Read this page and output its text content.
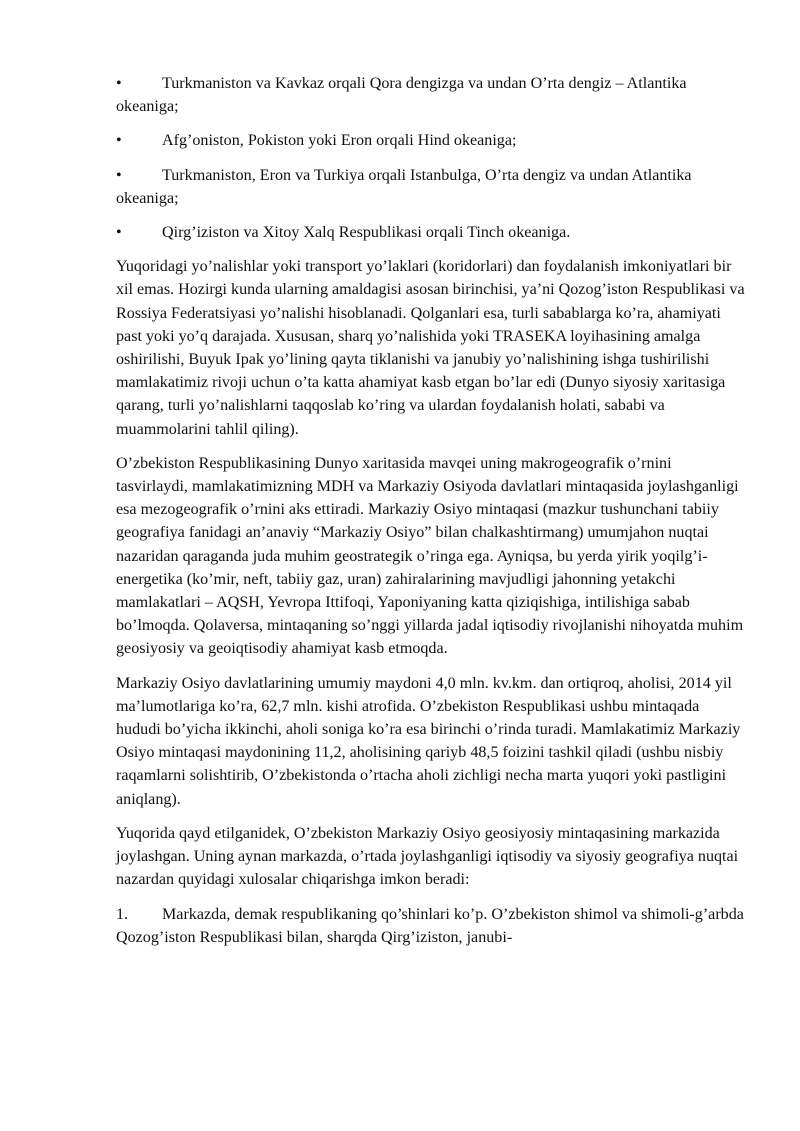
•	Turkmaniston va Kavkaz orqali Qora dengizga va undan O’rta dengiz – Atlantika okeaniga;
•	Afg’oniston, Pokiston yoki Eron orqali Hind okeaniga;
•	Turkmaniston, Eron va Turkiya orqali Istanbulga, O’rta dengiz va undan Atlantika okeaniga;
•	Qirg’iziston va Xitoy Xalq Respublikasi orqali Tinch okeaniga.

Yuqoridagi yo’nalishlar yoki transport yo’laklari (koridorlari) dan foydalanish imkoniyatlari bir xil emas. Hozirgi kunda ularning amaldagisi asosan birinchisi, ya’ni Qozog’iston Respublikasi va Rossiya Federatsiyasi yo’nalishi hisoblanadi. Qolganlari esa, turli sabablarga ko’ra, ahamiyati past yoki yo’q darajada. Xususan, sharq yo’nalishida yoki TRASEKA loyihasining amalga oshirilishi, Buyuk Ipak yo’lining qayta tiklanishi va janubiy yo’nalishining ishga tushirilishi mamlakatimiz rivoji uchun o’ta katta ahamiyat kasb etgan bo’lar edi (Dunyo siyosiy xaritasiga qarang, turli yo’nalishlarni taqqoslab ko’ring va ulardan foydalanish holati, sababi va muammolarini tahlil qiling).

O’zbekiston Respublikasining Dunyo xaritasida mavqei uning makrogeografik o’rnini tasvirlaydi, mamlakatimizning MDH va Markaziy Osiyoda davlatlari mintaqasida joylashganligi esa mezogeografik o’rnini aks ettiradi. Markaziy Osiyo mintaqasi (mazkur tushunchani tabiiy geografiya fanidagi an’anaviy “Markaziy Osiyo” bilan chalkashtirmang) umumjahon nuqtai nazaridan qaraganda juda muhim geostrategik o’ringa ega. Ayniqsa, bu yerda yirik yoqilg’i-energetika (ko’mir, neft, tabiiy gaz, uran) zahiralarining mavjudligi jahonning yetakchi mamlakatlari – AQSH, Yevropa Ittifoqi, Yaponiyaning katta qiziqishiga, intilishiga sabab bo’lmoqda. Qolaversa, mintaqaning so’nggi yillarda jadal iqtisodiy rivojlanishi nihoyatda muhim geosiyosiy va geoiqtisodiy ahamiyat kasb etmoqda.

Markaziy Osiyo davlatlarining umumiy maydoni 4,0 mln. kv.km. dan ortiqroq, aholisi, 2014 yil ma’lumotlariga ko’ra, 62,7 mln. kishi atrofida. O’zbekiston Respublikasi ushbu mintaqada hududi bo’yicha ikkinchi, aholi soniga ko’ra esa birinchi o’rinda turadi. Mamlakatimiz Markaziy Osiyo mintaqasi maydonining 11,2, aholisining qariyb 48,5 foizini tashkil qiladi (ushbu nisbiy raqamlarni solishtirib, O’zbekistonda o’rtacha aholi zichligi necha marta yuqori yoki pastligini aniqlang).

Yuqorida qayd etilganidek, O’zbekiston Markaziy Osiyo geosiyosiy mintaqasining markazida joylashgan. Uning aynan markazda, o’rtada joylashganligi iqtisodiy va siyosiy geografiya nuqtai nazardan quyidagi xulosalar chiqarishga imkon beradi:

1.	Markazda, demak respublikaning qo’shinlari ko’p. O’zbekiston shimol va shimoli-g’arbda Qozog’iston Respublikasi bilan, sharqda Qirg’iziston, janubi-
